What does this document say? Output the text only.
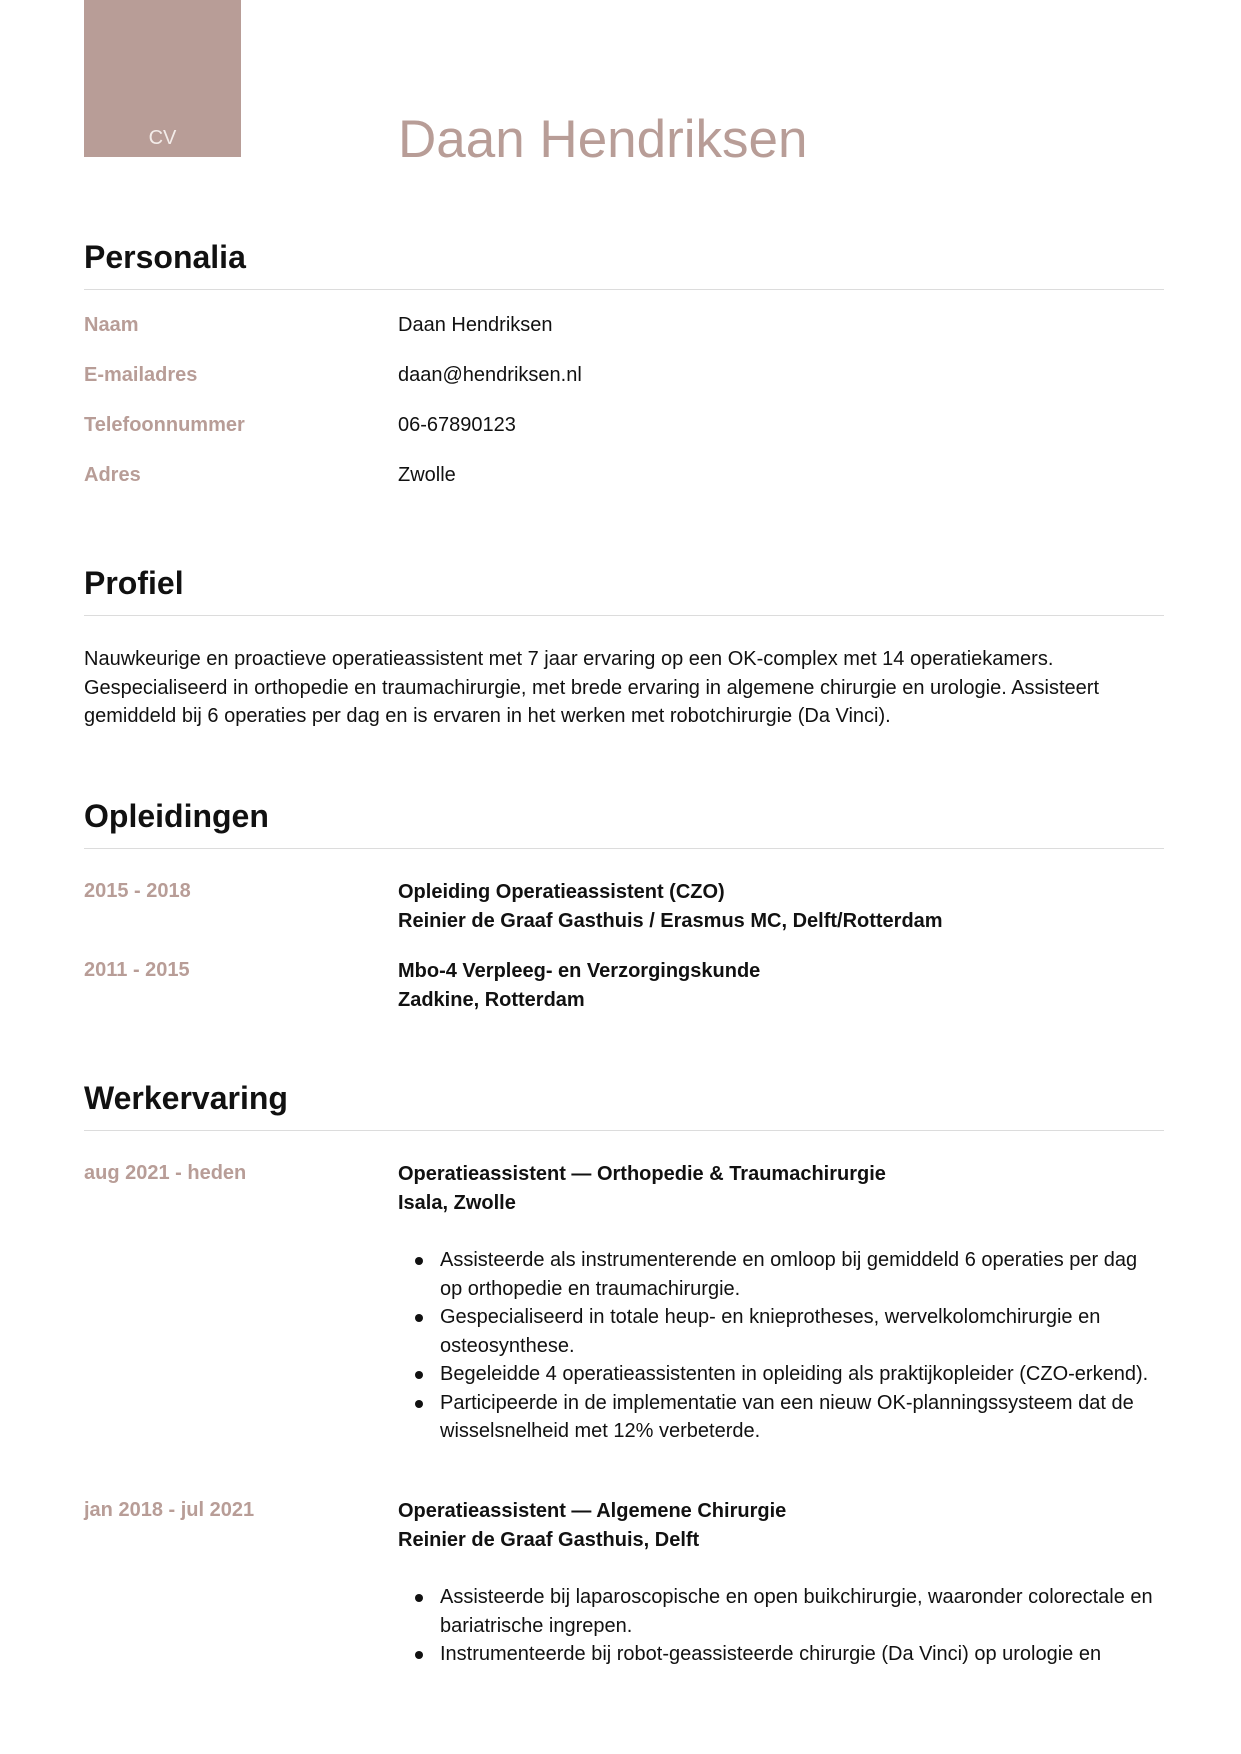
CV	Daan Hendriksen
Personalia
Naam	Daan Hendriksen
E-mailadres	daan@hendriksen.nl
Telefoonnummer	06-67890123
Adres	Zwolle
Profiel

Nauwkeurige en proactieve operatieassistent met 7 jaar ervaring op een OK-complex met 14 operatiekamers. Gespecialiseerd in orthopedie en traumachirurgie, met brede ervaring in algemene chirurgie en urologie. Assisteert gemiddeld bij 6 operaties per dag en is ervaren in het werken met robotchirurgie (Da Vinci).

Opleidingen
2015 - 2018	Opleiding Operatieassistent (CZO)
Reinier de Graaf Gasthuis / Erasmus MC, Delft/Rotterdam
2011 - 2015	Mbo-4 Verpleeg- en Verzorgingskunde
Zadkine, Rotterdam
Werkervaring
aug 2021 - heden	Operatieassistent — Orthopedie & Traumachirurgie
Isala, Zwolle
Assisteerde als instrumenterende en omloop bij gemiddeld 6 operaties per dag op orthopedie en traumachirurgie.
Gespecialiseerd in totale heup- en knieprotheses, wervelkolomchirurgie en osteosynthese.
Begeleidde 4 operatieassistenten in opleiding als praktijkopleider (CZO-erkend).
Participeerde in de implementatie van een nieuw OK-planningssysteem dat de wisselsnelheid met 12% verbeterde.
jan 2018 - jul 2021	Operatieassistent — Algemene Chirurgie
Reinier de Graaf Gasthuis, Delft
Assisteerde bij laparoscopische en open buikchirurgie, waaronder colorectale en bariatrische ingrepen.
Instrumenteerde bij robot-geassisteerde chirurgie (Da Vinci) op urologie en
